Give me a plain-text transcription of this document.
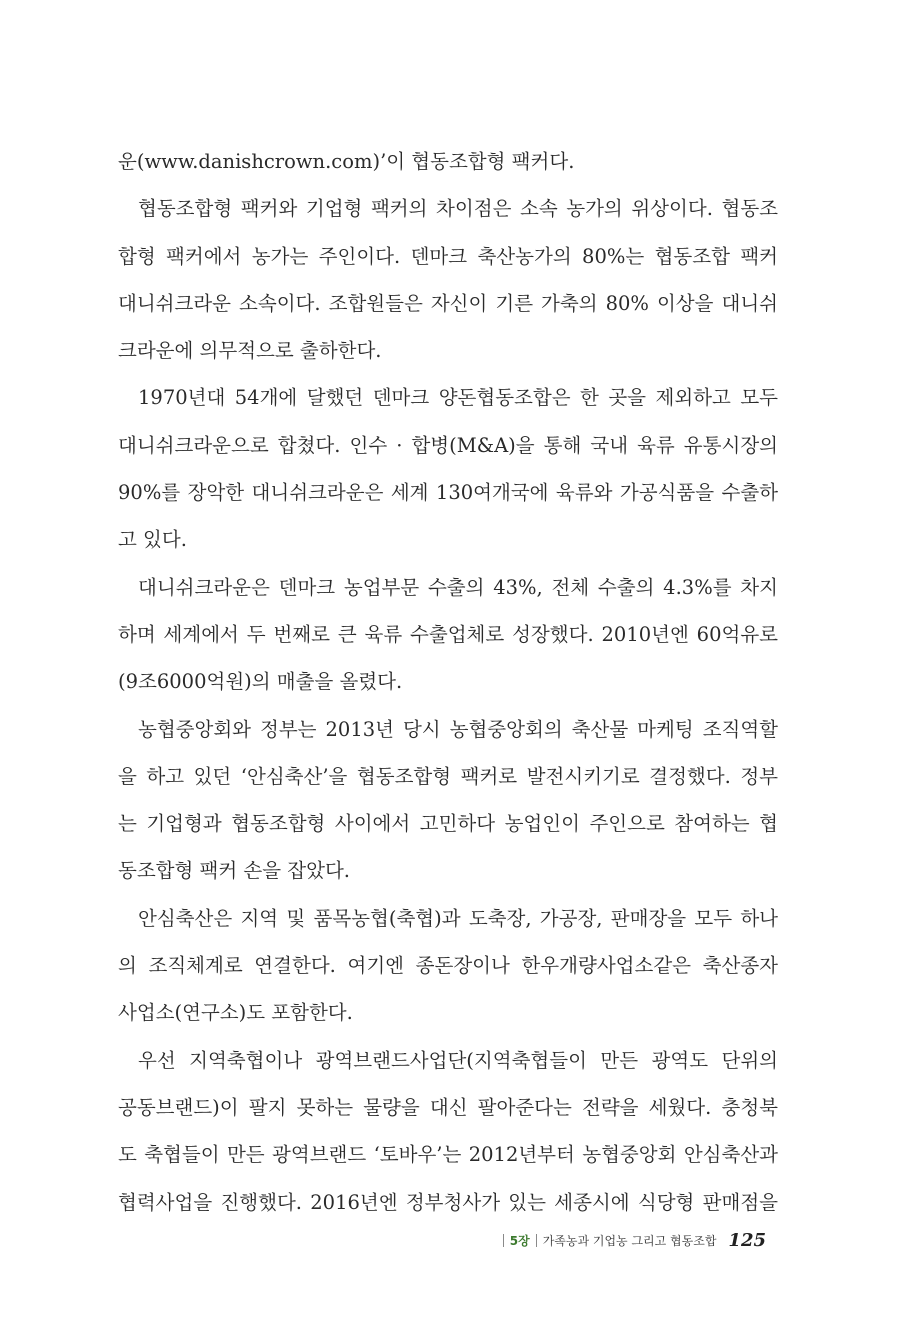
운(www.danishcrown.com)’이 협동조합형 팩커다.
협동조합형 팩커와 기업형 팩커의 차이점은 소속 농가의 위상이다. 협동조
합형 팩커에서 농가는 주인이다. 덴마크 축산농가의 80%는 협동조합 팩커
대니쉬크라운 소속이다. 조합원들은 자신이 기른 가축의 80% 이상을 대니쉬
크라운에 의무적으로 출하한다.
1970년대 54개에 달했던 덴마크 양돈협동조합은 한 곳을 제외하고 모두
대니쉬크라운으로 합쳤다. 인수 · 합병(M&A)을 통해 국내 육류 유통시장의
90%를 장악한 대니쉬크라운은 세계 130여개국에 육류와 가공식품을 수출하
고 있다.
대니쉬크라운은 덴마크 농업부문 수출의 43%, 전체 수출의 4.3%를 차지
하며 세계에서 두 번째로 큰 육류 수출업체로 성장했다. 2010년엔 60억유로
(9조6000억원)의 매출을 올렸다.
농협중앙회와 정부는 2013년 당시 농협중앙회의 축산물 마케팅 조직역할
을 하고 있던 ‘안심축산’을 협동조합형 팩커로 발전시키기로 결정했다. 정부
는 기업형과 협동조합형 사이에서 고민하다 농업인이 주인으로 참여하는 협
동조합형 팩커 손을 잡았다.
안심축산은 지역 및 품목농협(축협)과 도축장, 가공장, 판매장을 모두 하나
의 조직체계로 연결한다. 여기엔 종돈장이나 한우개량사업소같은 축산종자
사업소(연구소)도 포함한다.
우선 지역축협이나 광역브랜드사업단(지역축협들이 만든 광역도 단위의
공동브랜드)이 팔지 못하는 물량을 대신 팔아준다는 전략을 세웠다. 충청북
도 축협들이 만든 광역브랜드 ‘토바우’는 2012년부터 농협중앙회 안심축산과
협력사업을 진행했다. 2016년엔 정부청사가 있는 세종시에 식당형 판매점을
5장 가족농과 기업농 그리고 협동조합 125
